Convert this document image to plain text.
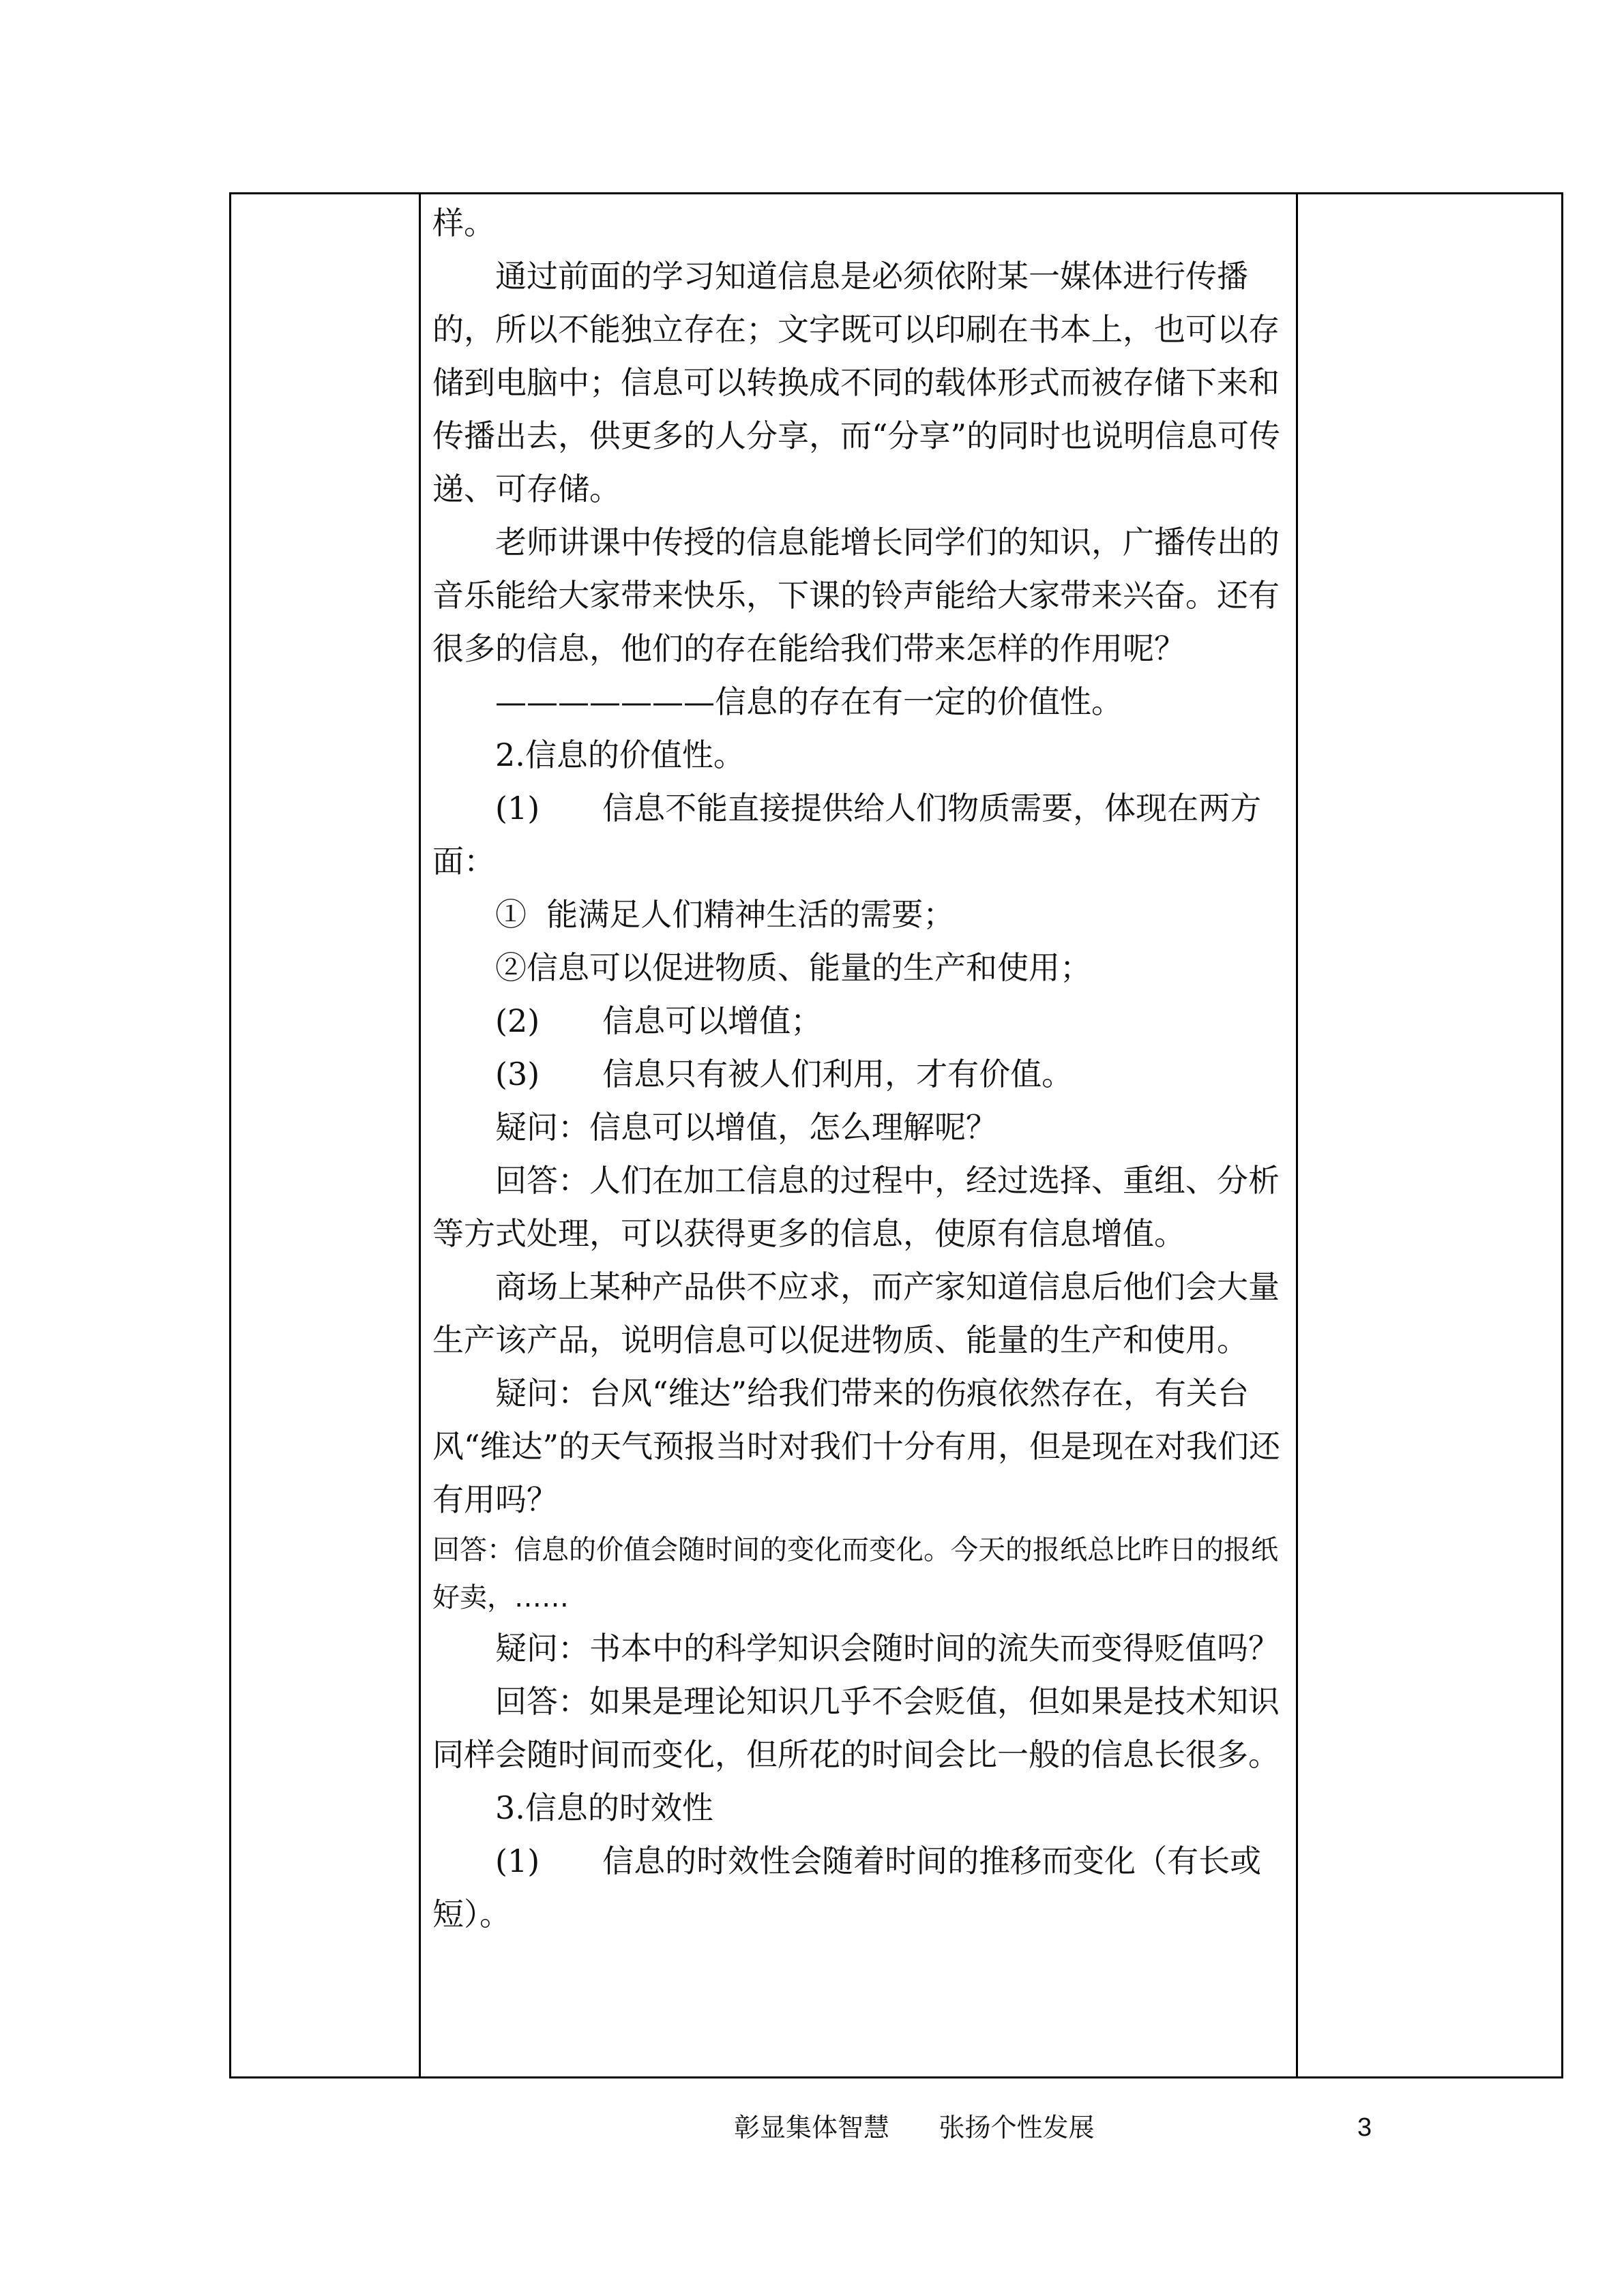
样。

通过前面的学习知道信息是必须依附某一媒体进行传播的，所以不能独立存在；文字既可以印刷在书本上，也可以存储到电脑中；信息可以转换成不同的载体形式而被存储下来和传播出去，供更多的人分享，而“分享”的同时也说明信息可传递、可存储。

老师讲课中传授的信息能增长同学们的知识，广播传出的音乐能给大家带来快乐，下课的铃声能给大家带来兴奋。还有很多的信息，他们的存在能给我们带来怎样的作用呢？

———————信息的存在有一定的价值性。

2.信息的价值性。

(1)　　信息不能直接提供给人们物质需要，体现在两方面：

①  能满足人们精神生活的需要；

②信息可以促进物质、能量的生产和使用；

(2)　　信息可以增值；

(3)　　信息只有被人们利用，才有价值。

疑问：信息可以增值，怎么理解呢？

回答：人们在加工信息的过程中，经过选择、重组、分析等方式处理，可以获得更多的信息，使原有信息增值。

商场上某种产品供不应求，而产家知道信息后他们会大量生产该产品，说明信息可以促进物质、能量的生产和使用。

疑问：台风“维达”给我们带来的伤痕依然存在，有关台风“维达”的天气预报当时对我们十分有用，但是现在对我们还有用吗？

回答：信息的价值会随时间的变化而变化。今天的报纸总比昨日的报纸好卖，……

疑问：书本中的科学知识会随时间的流失而变得贬值吗？

回答：如果是理论知识几乎不会贬值，但如果是技术知识同样会随时间而变化，但所花的时间会比一般的信息长很多。

3.信息的时效性

(1)　　信息的时效性会随着时间的推移而变化（有长或短）。

彰显集体智慧 张扬个性发展	3
